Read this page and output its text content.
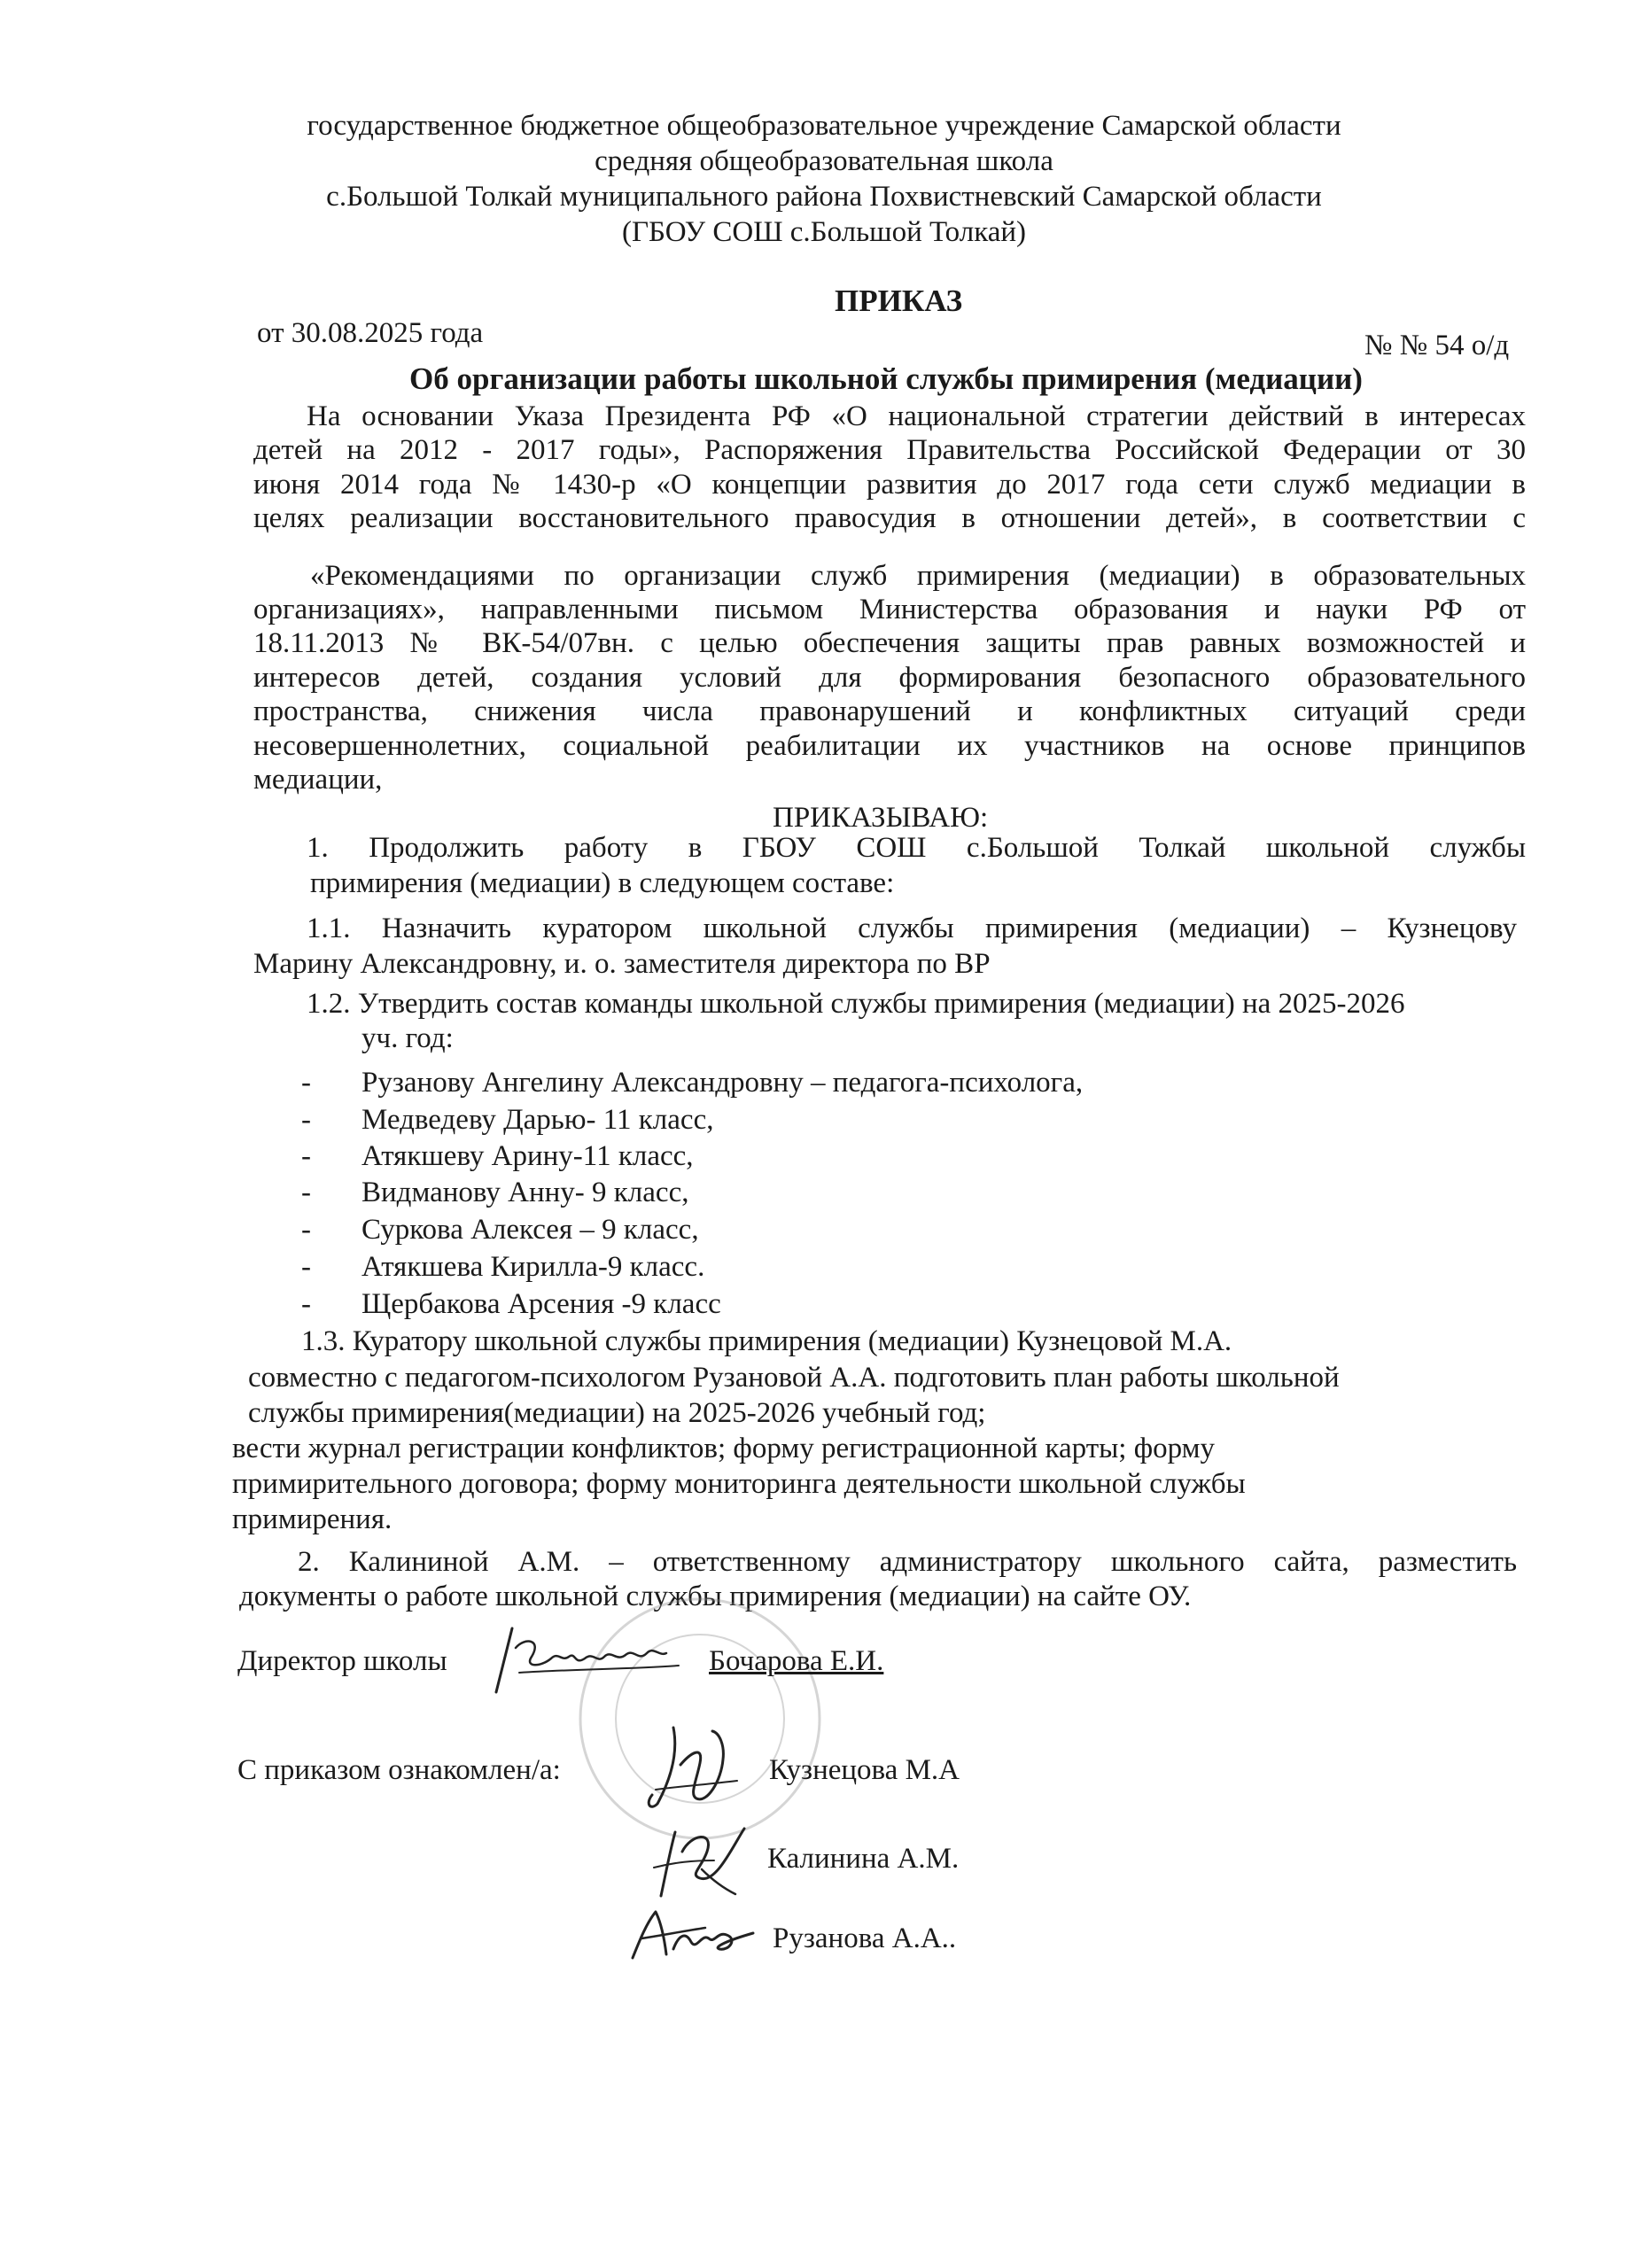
государственное бюджетное общеобразовательное учреждение Самарской области
средняя общеобразовательная школа
с.Большой Толкай муниципального района Похвистневский Самарской области
(ГБОУ СОШ с.Большой Толкай)
ПРИКАЗ
от 30.08.2025 года	№ № 54 о/д
Об организации работы школьной службы примирения (медиации)
На основании Указа Президента РФ «О национальной стратегии действий в интересах
детей на 2012 - 2017 годы», Распоряжения Правительства Российской Федерации от 30
июня 2014 года № 1430-р «О концепции развития до 2017 года сети служб медиации в
целях реализации восстановительного правосудия в отношении детей», в соответствии с
«Рекомендациями по организации служб примирения (медиации) в образовательных
организациях», направленными письмом Министерства образования и науки РФ от
18.11.2013 № ВК-54/07вн. с целью обеспечения защиты прав равных возможностей и
интересов детей, создания условий для формирования безопасного образовательного
пространства, снижения числа правонарушений и конфликтных ситуаций среди
несовершеннолетних, социальной реабилитации их участников на основе принципов
медиации,
ПРИКАЗЫВАЮ:
1. Продолжить работу в ГБОУ СОШ с.Большой Толкай школьной службы
примирения (медиации) в следующем составе:
1.1. Назначить куратором школьной службы примирения (медиации) – Кузнецову
Марину Александровну, и. о. заместителя директора по ВР
1.2. Утвердить состав команды школьной службы примирения (медиации) на 2025-2026
уч. год:
- Рузанову Ангелину Александровну – педагога-психолога,
- Медведеву Дарью- 11 класс,
- Атякшеву Арину-11 класс,
- Видманову Анну- 9 класс,
- Суркова Алексея – 9 класс,
- Атякшева Кирилла-9 класс.
- Щербакова Арсения -9 класс
1.3. Куратору школьной службы примирения (медиации) Кузнецовой М.А.
совместно с педагогом-психологом Рузановой А.А. подготовить план работы школьной
службы примирения(медиации) на 2025-2026 учебный год;
вести журнал регистрации конфликтов; форму регистрационной карты; форму
примирительного договора; форму мониторинга деятельности школьной службы
примирения.
2. Калининой А.М. – ответственному администратору школьного сайта, разместить
документы о работе школьной службы примирения (медиации) на сайте ОУ.
Директор школы	Бочарова Е.И.
С приказом ознакомлен/а:	Кузнецова М.А
Калинина А.М.
Рузанова А.А..
